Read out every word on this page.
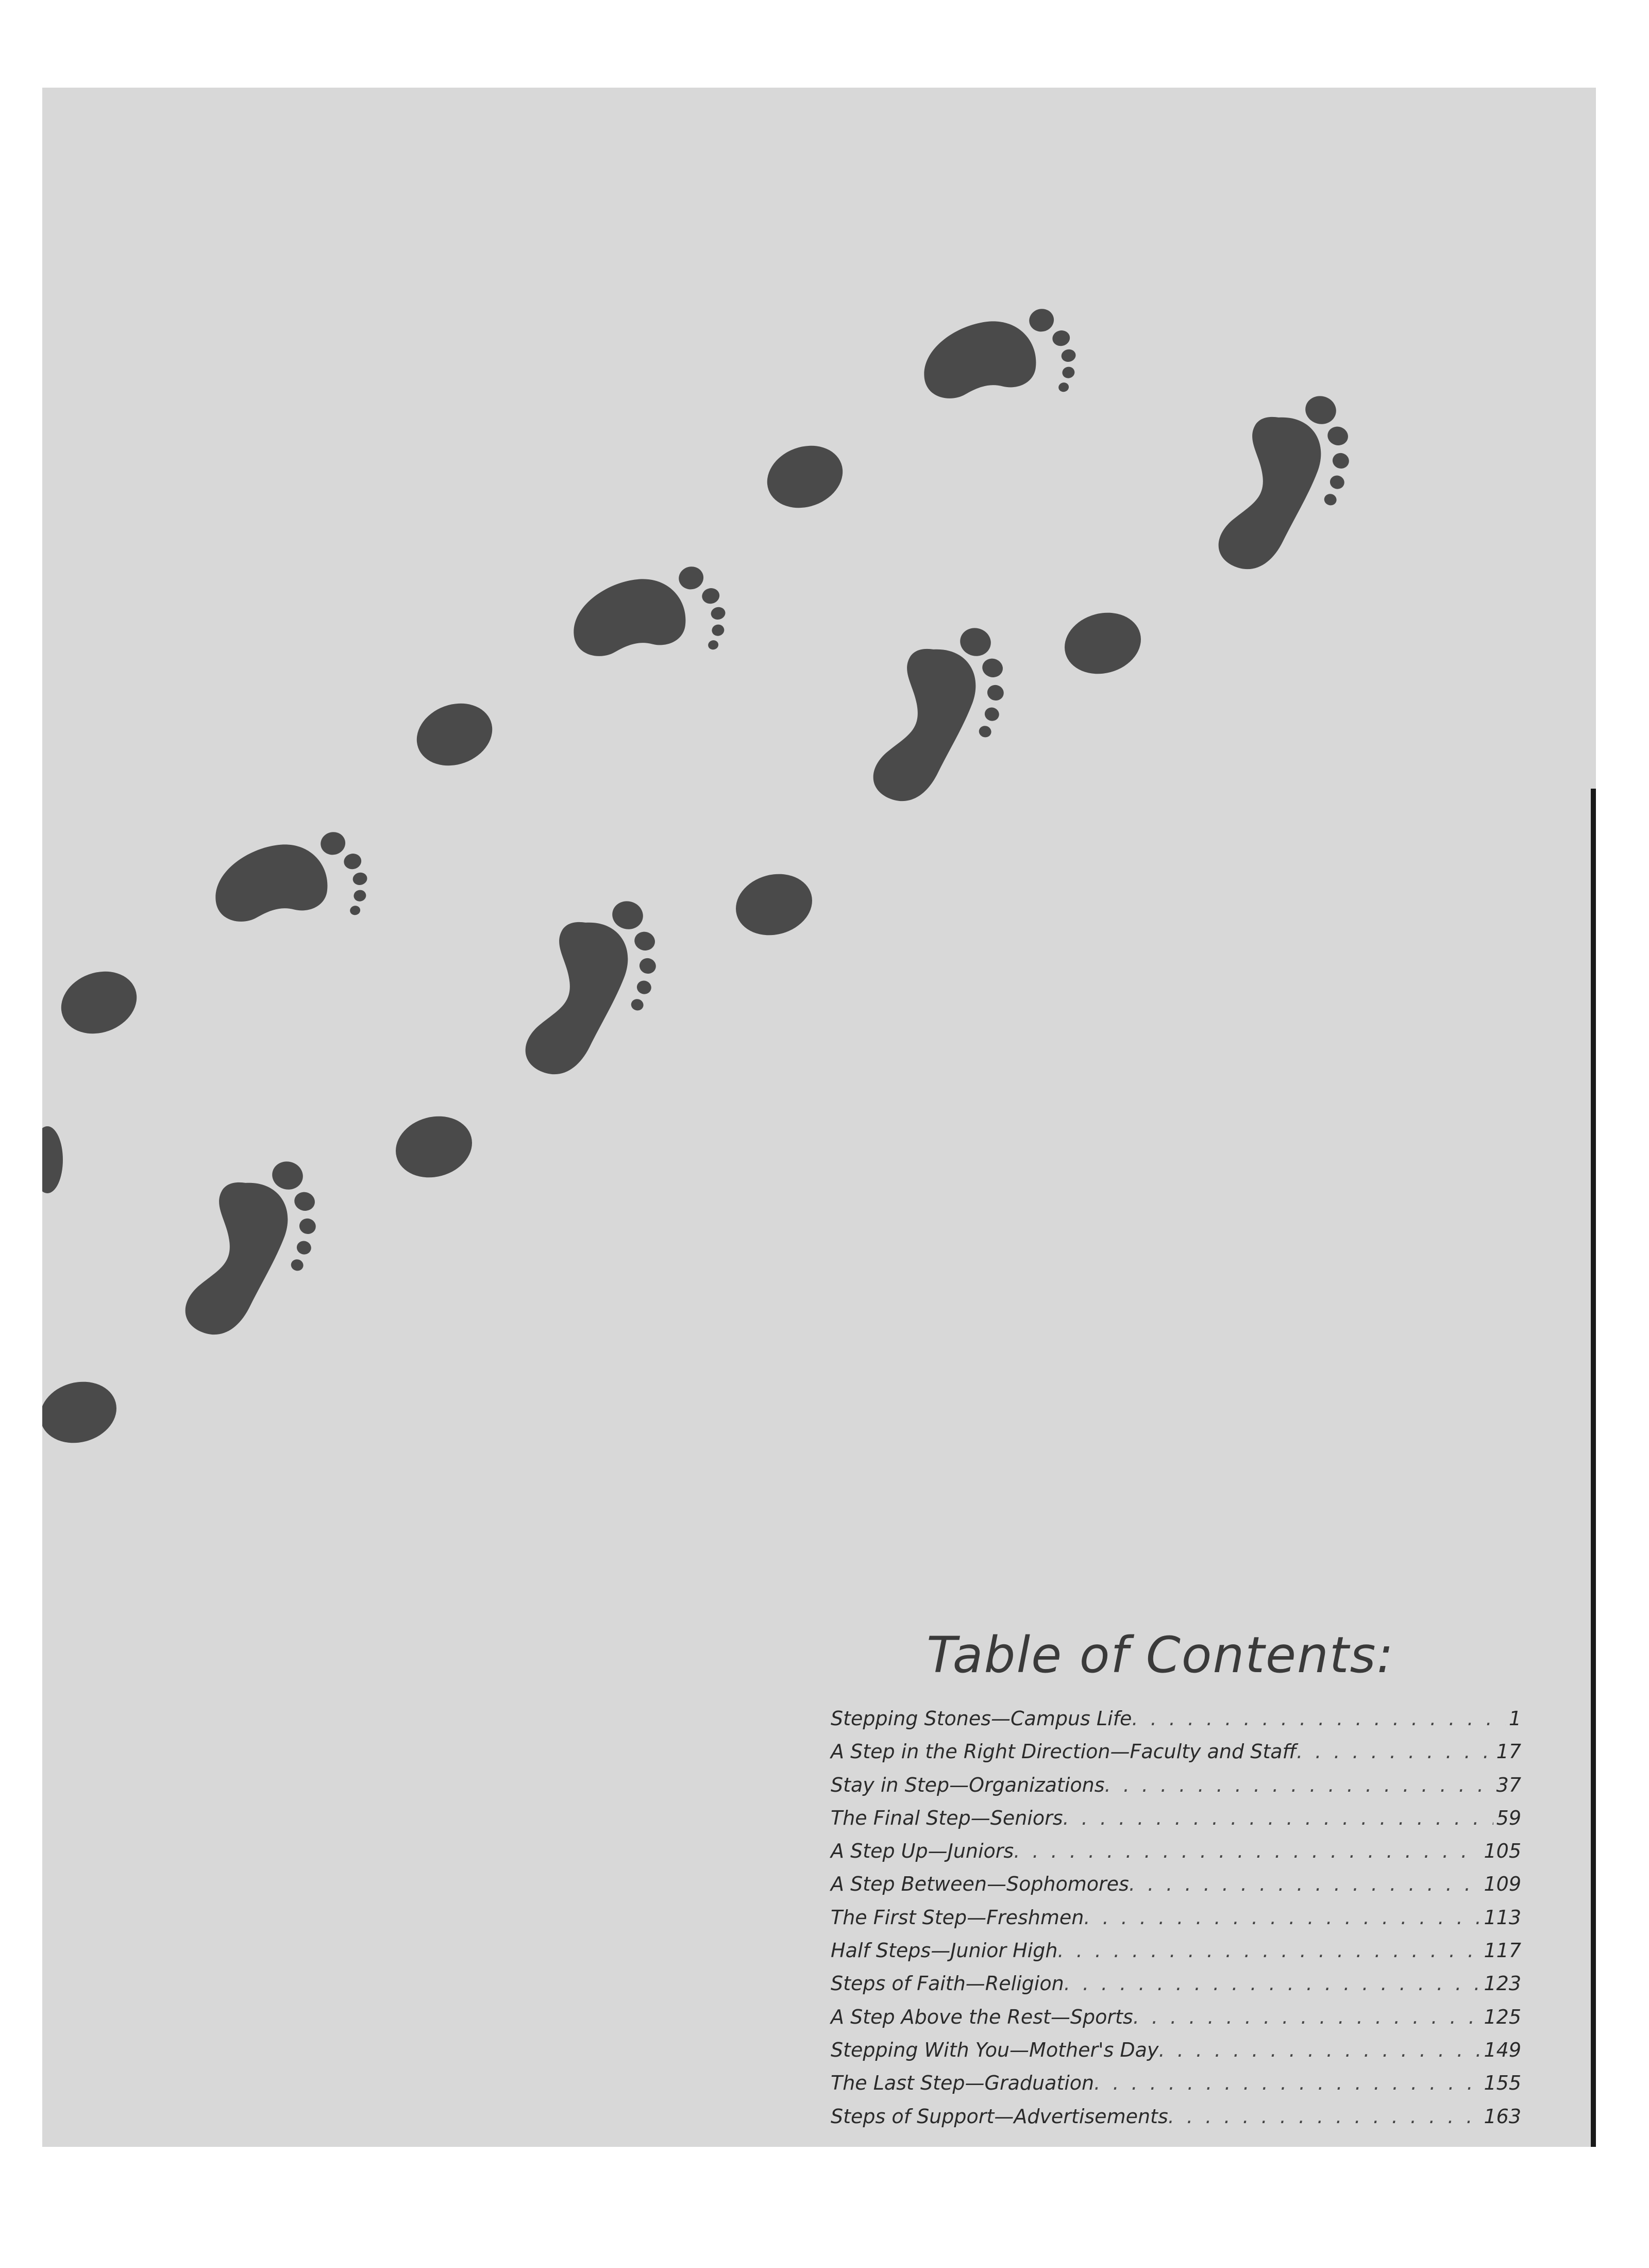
Table of Contents:
Stepping Stones—Campus Life . . .	1
A Step in the Right Direction—Faculty and Staff . . .	17
Stay in Step—Organizations . . .	37
The Final Step—Seniors . . .	59
A Step Up—Juniors . . .	105
A Step Between—Sophomores . . .	109
The First Step—Freshmen . . .	113
Half Steps—Junior High . . .	117
Steps of Faith—Religion . . .	123
A Step Above the Rest—Sports . . .	125
Stepping With You—Mother's Day . . .	149
The Last Step—Graduation . . .	155
Steps of Support—Advertisements . . .	163
